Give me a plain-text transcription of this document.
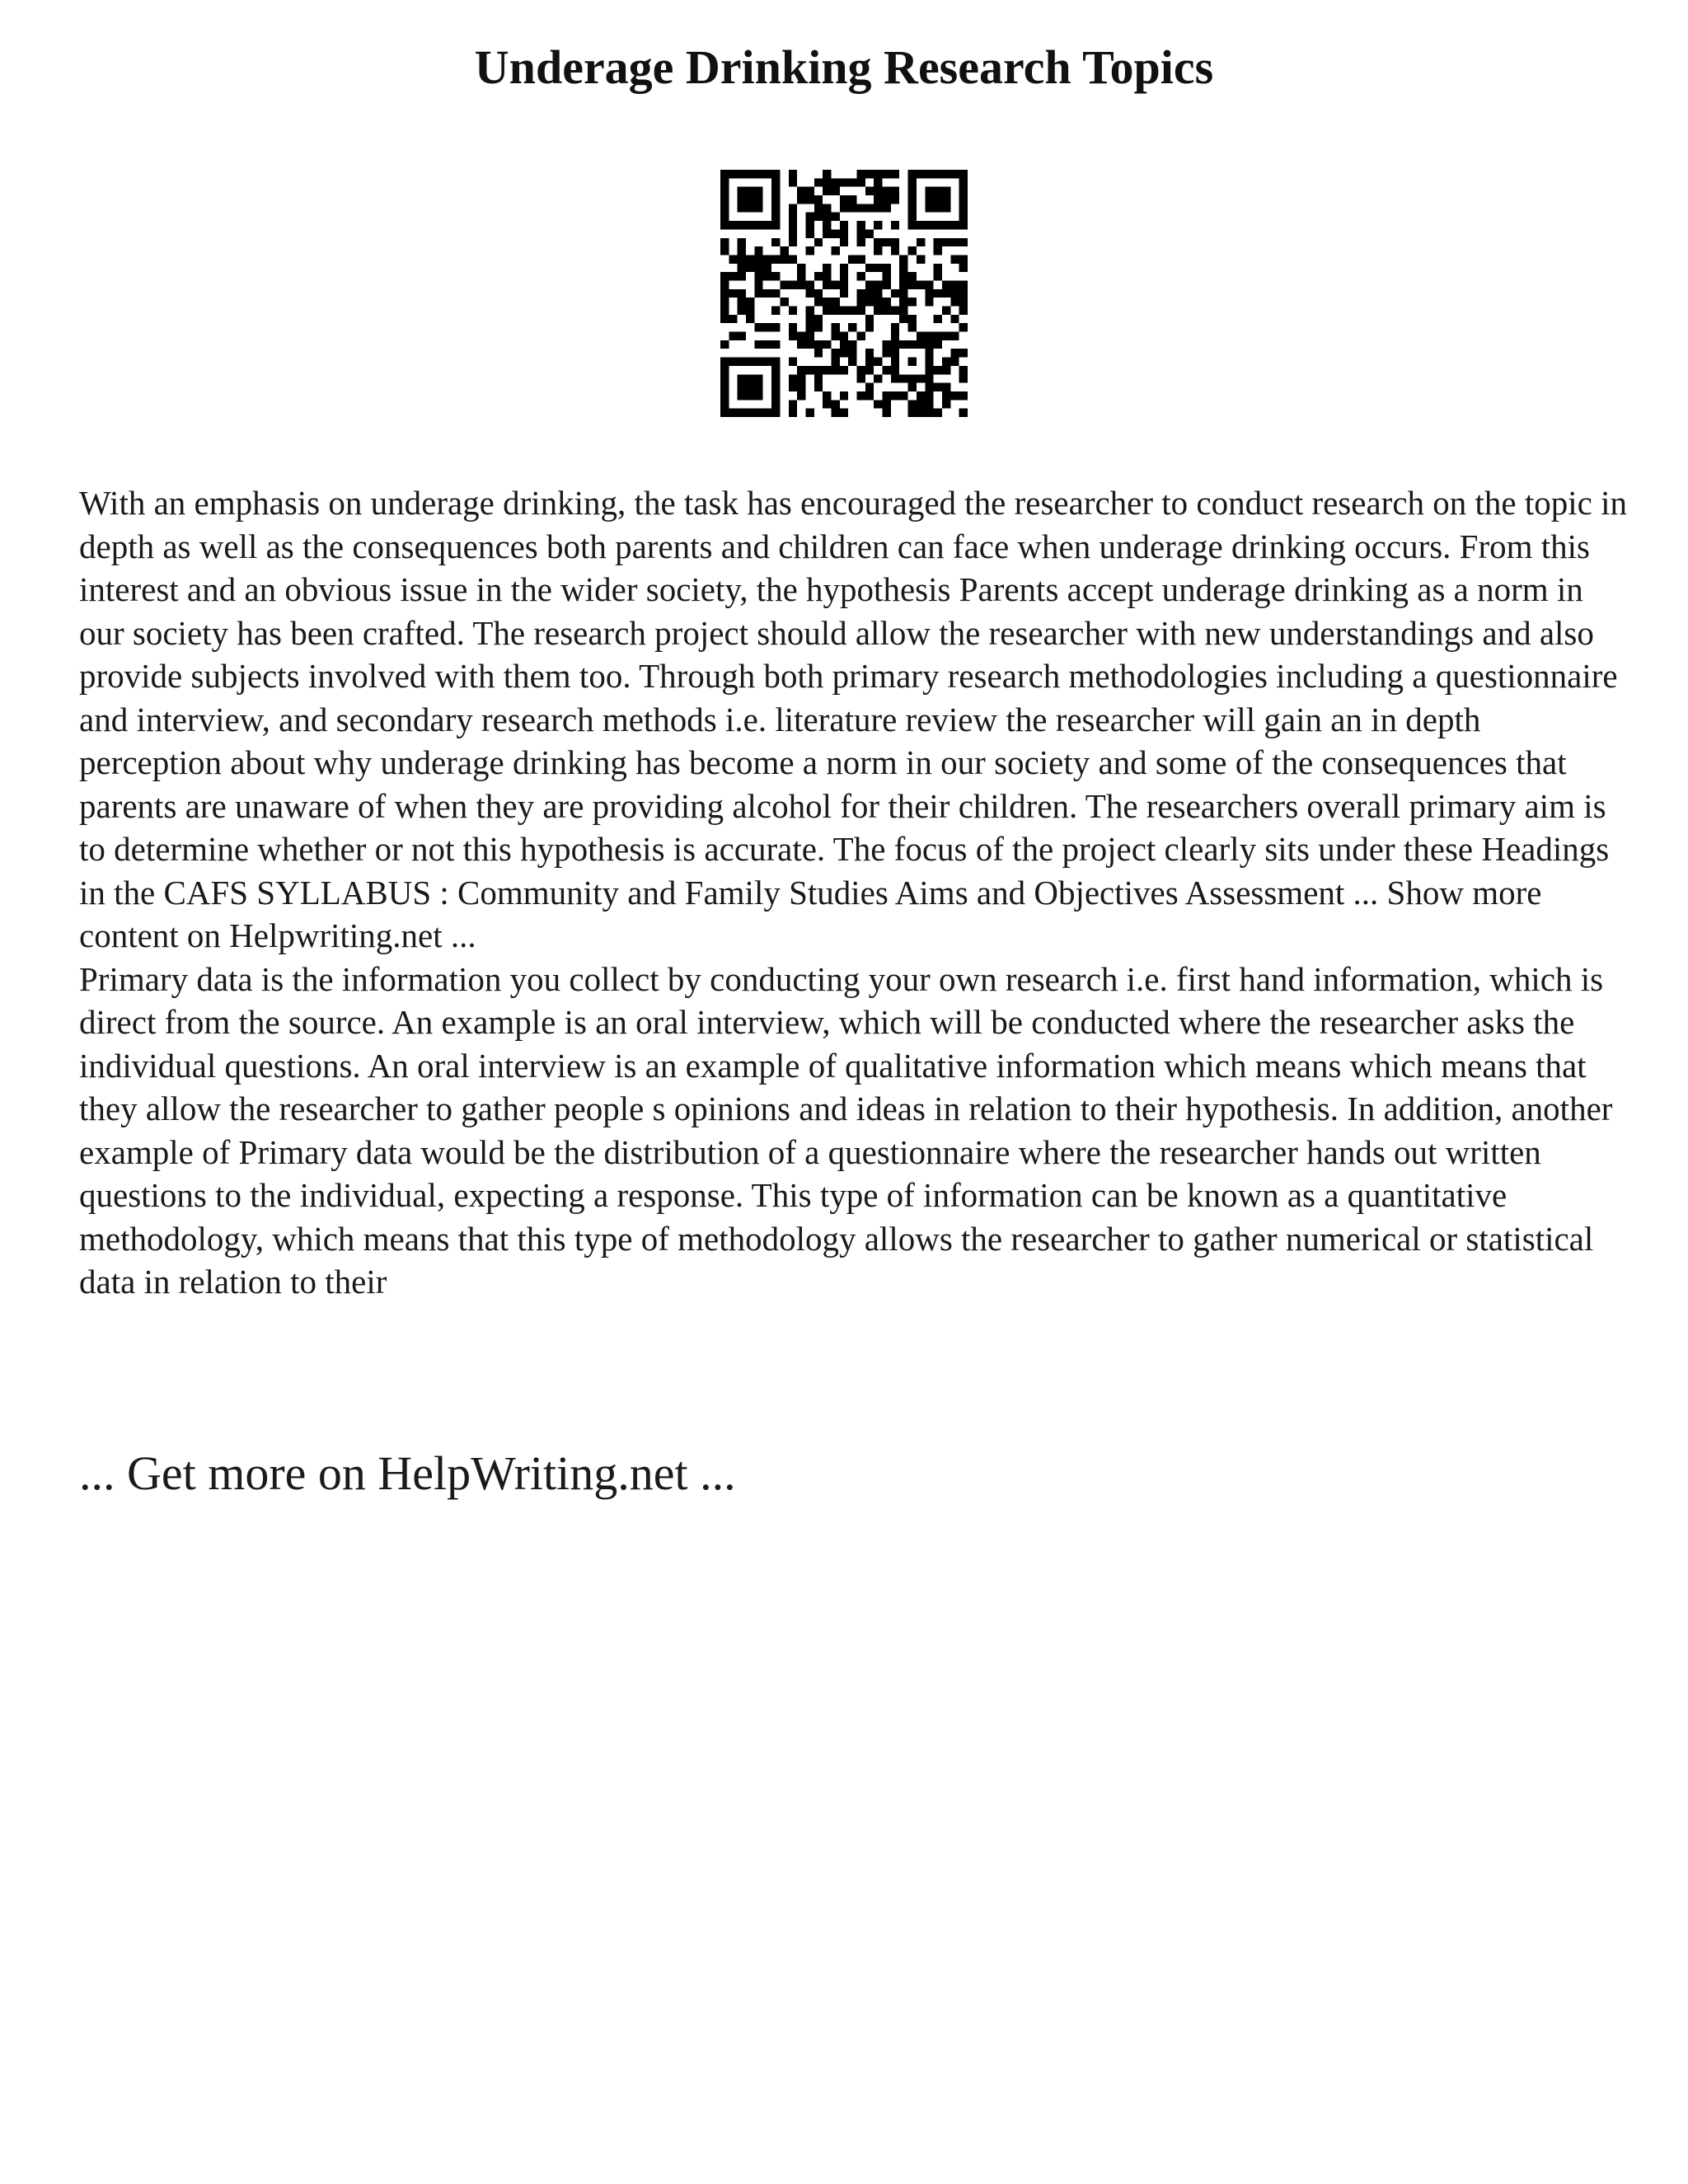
Underage Drinking Research Topics

With an emphasis on underage drinking, the task has encouraged the researcher to conduct research on the topic in depth as well as the consequences both parents and children can face when underage drinking occurs. From this interest and an obvious issue in the wider society, the hypothesis Parents accept underage drinking as a norm in our society has been crafted. The research project should allow the researcher with new understandings and also provide subjects involved with them too. Through both primary research methodologies including a questionnaire and interview, and secondary research methods i.e. literature review the researcher will gain an in depth perception about why underage drinking has become a norm in our society and some of the consequences that parents are unaware of when they are providing alcohol for their children. The researchers overall primary aim is to determine whether or not this hypothesis is accurate. The focus of the project clearly sits under these Headings in the CAFS SYLLABUS : Community and Family Studies Aims and Objectives Assessment ... Show more content on Helpwriting.net ...

Primary data is the information you collect by conducting your own research i.e. first hand information, which is direct from the source. An example is an oral interview, which will be conducted where the researcher asks the individual questions. An oral interview is an example of qualitative information which means which means that they allow the researcher to gather people s opinions and ideas in relation to their hypothesis. In addition, another example of Primary data would be the distribution of a questionnaire where the researcher hands out written questions to the individual, expecting a response. This type of information can be known as a quantitative methodology, which means that this type of methodology allows the researcher to gather numerical or statistical data in relation to their

... Get more on HelpWriting.net ...
